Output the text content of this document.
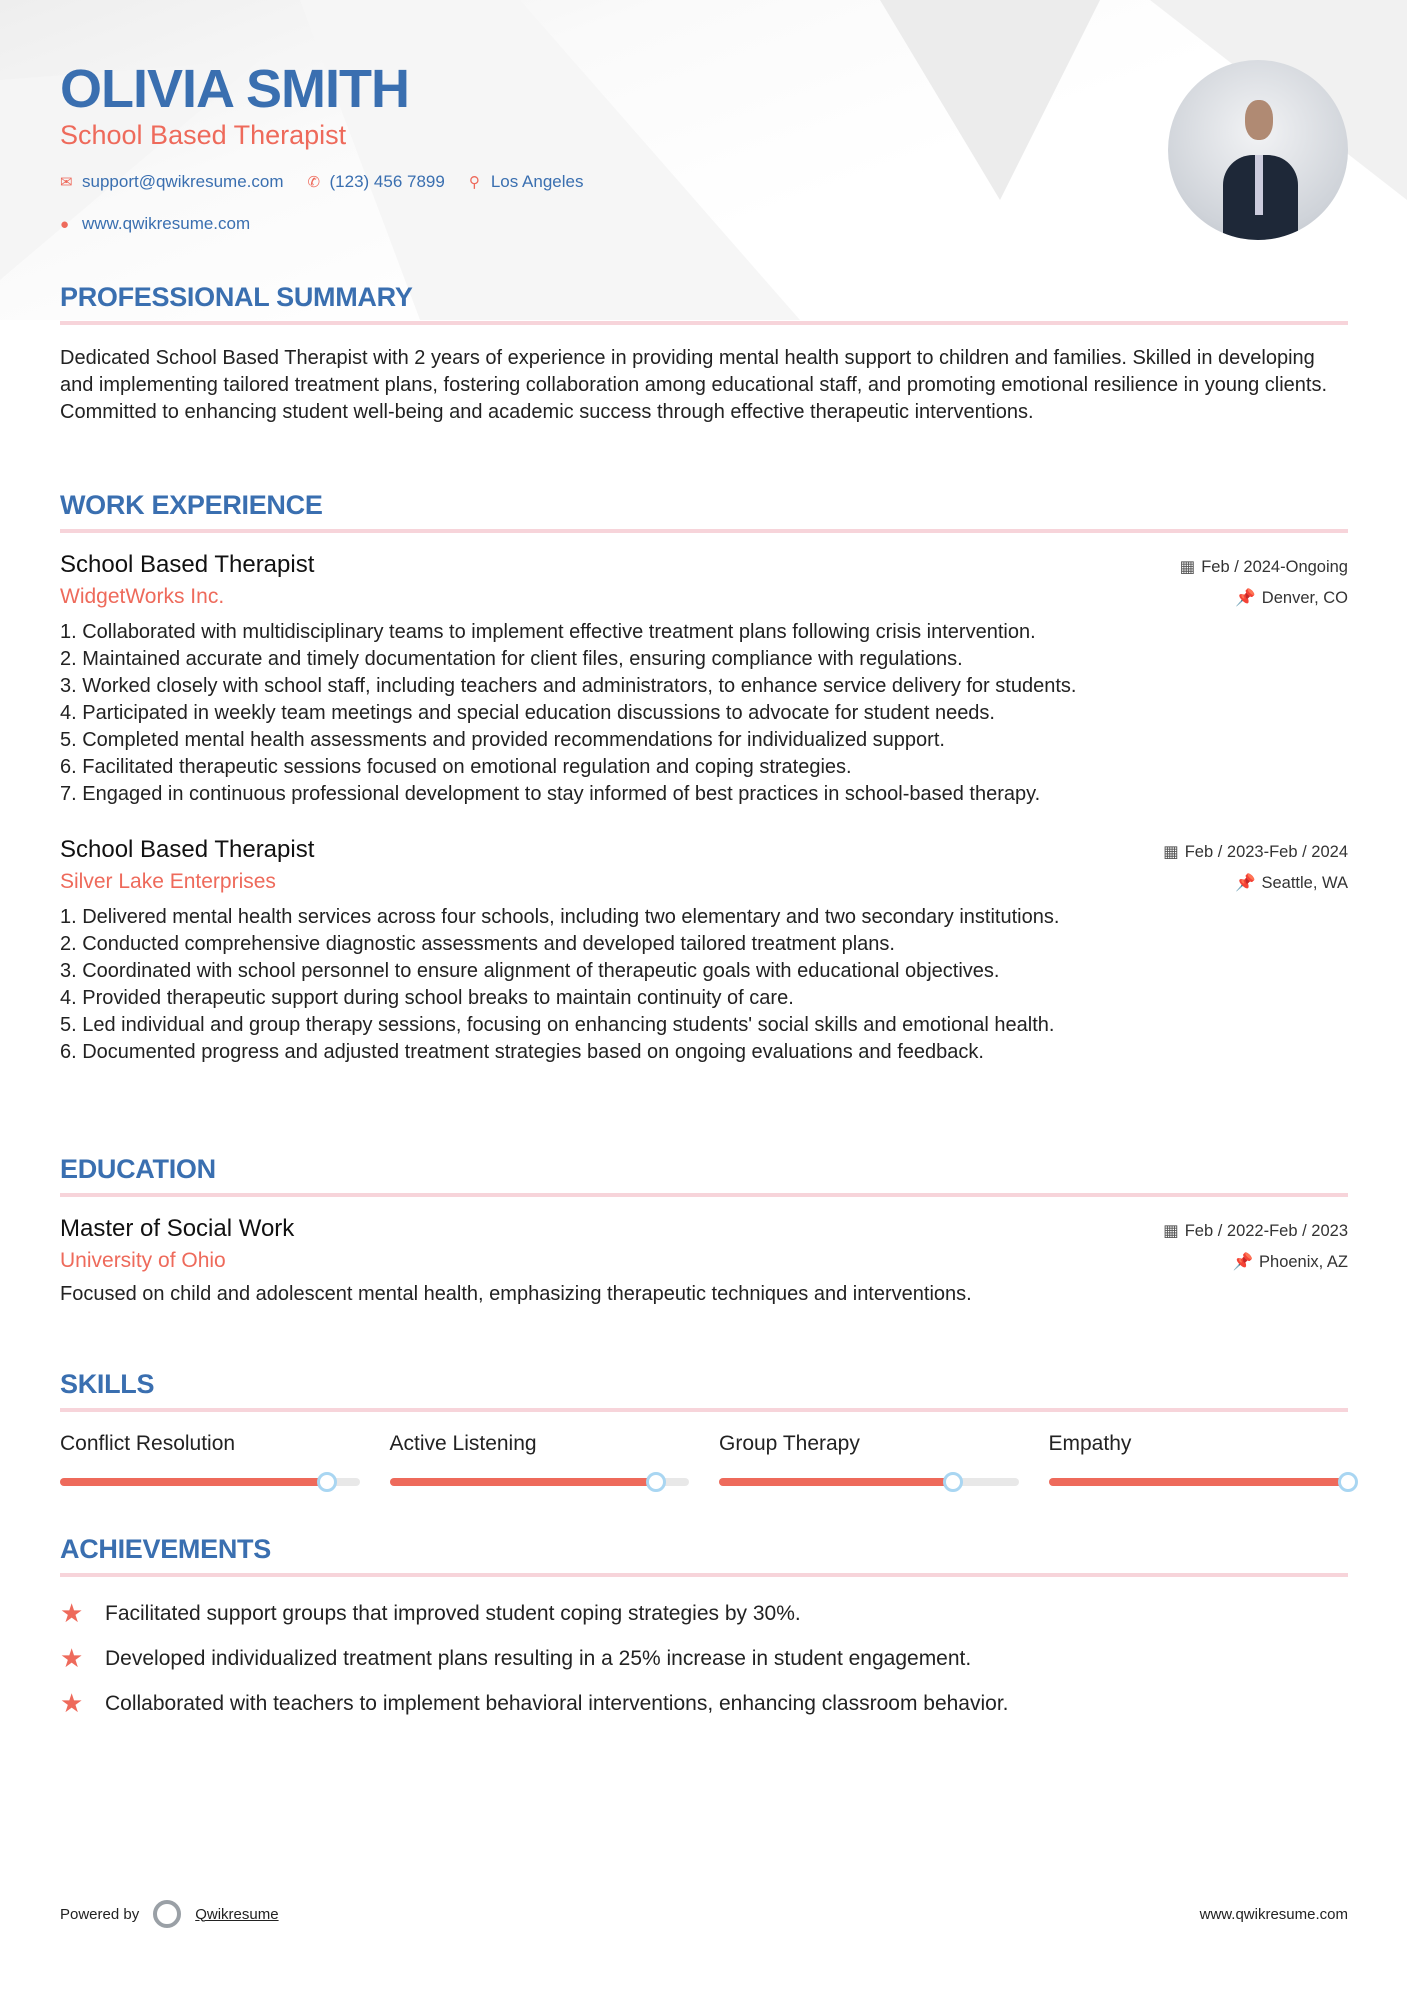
OLIVIA SMITH
School Based Therapist
✉ support@qwikresume.com ✆ (123) 456 7899 ⚲ Los Angeles
● www.qwikresume.com
PROFESSIONAL SUMMARY

Dedicated School Based Therapist with 2 years of experience in providing mental health support to children and families. Skilled in developing and implementing tailored treatment plans, fostering collaboration among educational staff, and promoting emotional resilience in young clients. Committed to enhancing student well-being and academic success through effective therapeutic interventions.

WORK EXPERIENCE
School Based Therapist	▦ Feb / 2024-Ongoing
WidgetWorks Inc.	📌 Denver, CO
1. Collaborated with multidisciplinary teams to implement effective treatment plans following crisis intervention.
2. Maintained accurate and timely documentation for client files, ensuring compliance with regulations.
3. Worked closely with school staff, including teachers and administrators, to enhance service delivery for students.
4. Participated in weekly team meetings and special education discussions to advocate for student needs.
5. Completed mental health assessments and provided recommendations for individualized support.
6. Facilitated therapeutic sessions focused on emotional regulation and coping strategies.
7. Engaged in continuous professional development to stay informed of best practices in school-based therapy.
School Based Therapist	▦ Feb / 2023-Feb / 2024
Silver Lake Enterprises	📌 Seattle, WA
1. Delivered mental health services across four schools, including two elementary and two secondary institutions.
2. Conducted comprehensive diagnostic assessments and developed tailored treatment plans.
3. Coordinated with school personnel to ensure alignment of therapeutic goals with educational objectives.
4. Provided therapeutic support during school breaks to maintain continuity of care.
5. Led individual and group therapy sessions, focusing on enhancing students' social skills and emotional health.
6. Documented progress and adjusted treatment strategies based on ongoing evaluations and feedback.
EDUCATION
Master of Social Work	▦ Feb / 2022-Feb / 2023
University of Ohio	📌 Phoenix, AZ

Focused on child and adolescent mental health, emphasizing therapeutic techniques and interventions.

SKILLS
Conflict Resolution	Active Listening	Group Therapy	Empathy
ACHIEVEMENTS
★	Facilitated support groups that improved student coping strategies by 30%.
★	Developed individualized treatment plans resulting in a 25% increase in student engagement.
★	Collaborated with teachers to implement behavioral interventions, enhancing classroom behavior.
Powered by	Qwikresume	www.qwikresume.com
